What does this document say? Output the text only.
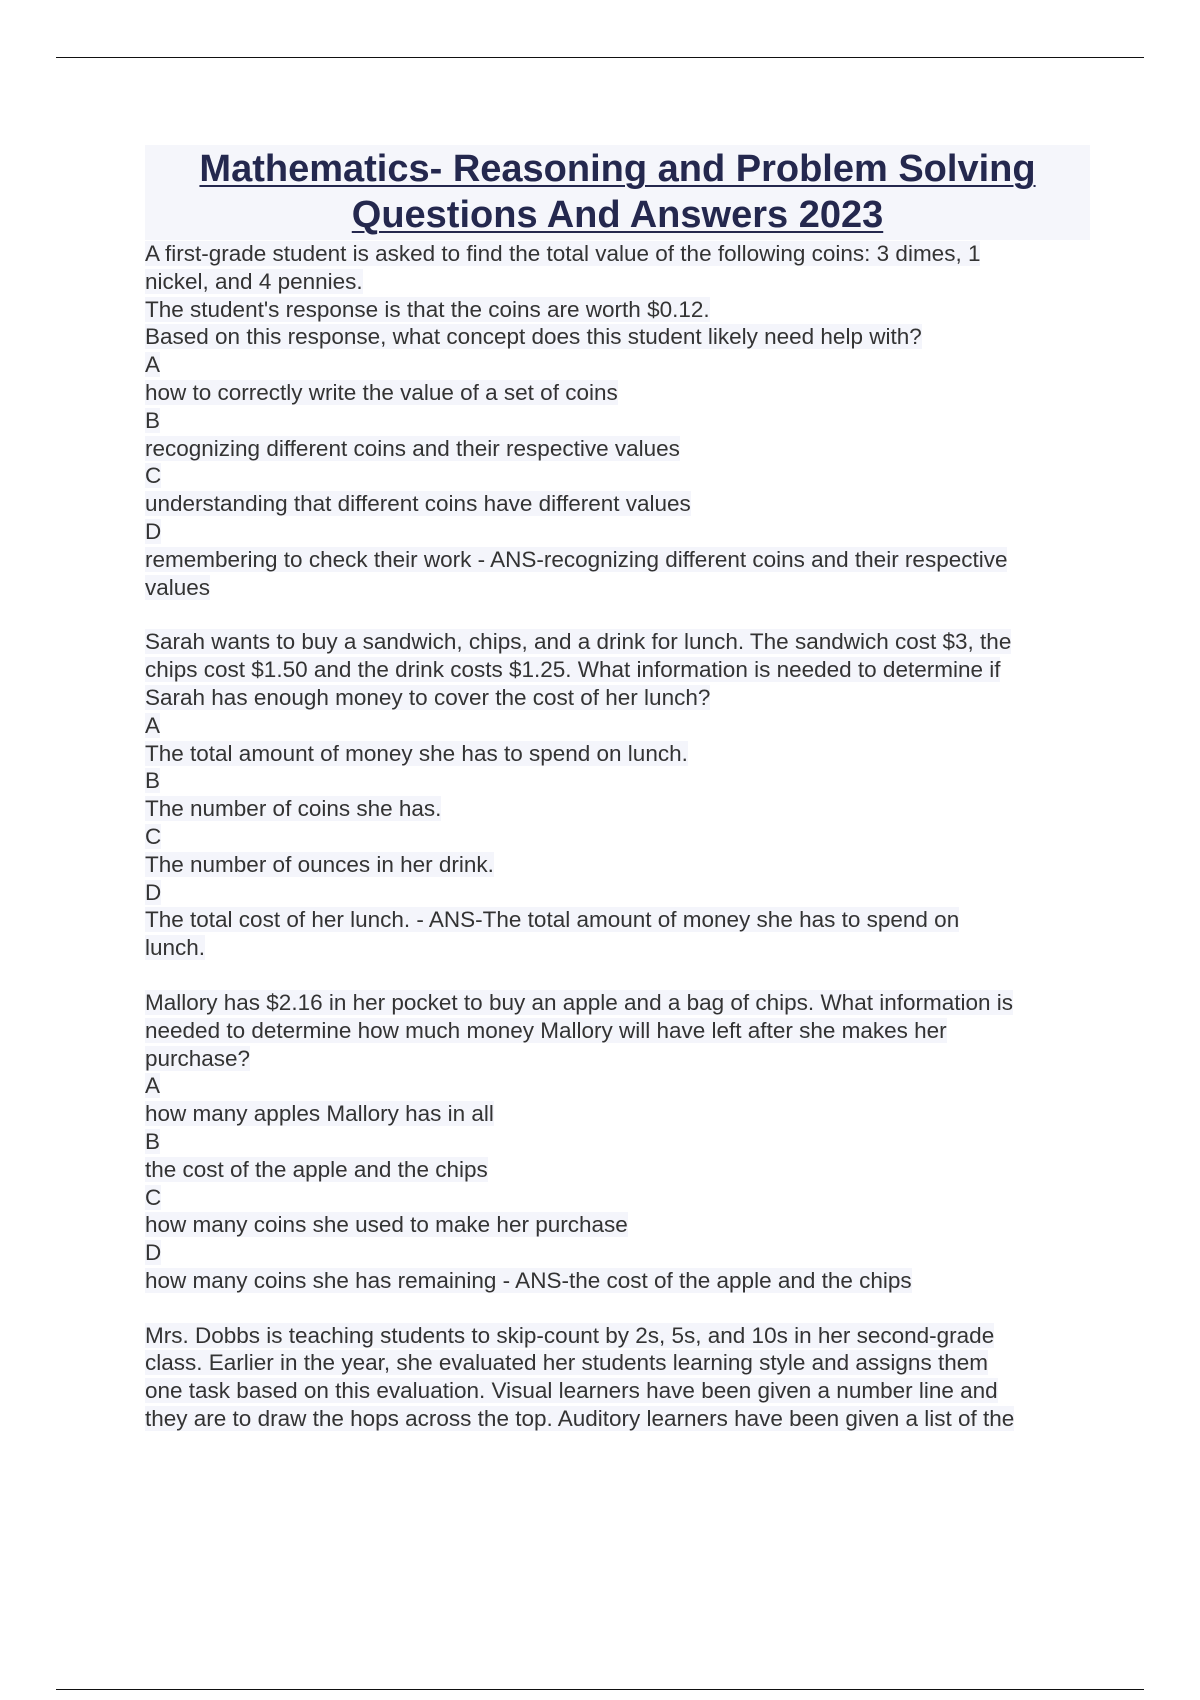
Mathematics- Reasoning and Problem Solving
Questions And Answers 2023
A first-grade student is asked to find the total value of the following coins: 3 dimes, 1
nickel, and 4 pennies.
The student's response is that the coins are worth $0.12.
Based on this response, what concept does this student likely need help with?
A
how to correctly write the value of a set of coins
B
recognizing different coins and their respective values
C
understanding that different coins have different values
D
remembering to check their work - ANS-recognizing different coins and their respective
values
Sarah wants to buy a sandwich, chips, and a drink for lunch. The sandwich cost $3, the
chips cost $1.50 and the drink costs $1.25. What information is needed to determine if
Sarah has enough money to cover the cost of her lunch?
A
The total amount of money she has to spend on lunch.
B
The number of coins she has.
C
The number of ounces in her drink.
D
The total cost of her lunch. - ANS-The total amount of money she has to spend on
lunch.
Mallory has $2.16 in her pocket to buy an apple and a bag of chips. What information is
needed to determine how much money Mallory will have left after she makes her
purchase?
A
how many apples Mallory has in all
B
the cost of the apple and the chips
C
how many coins she used to make her purchase
D
how many coins she has remaining - ANS-the cost of the apple and the chips
Mrs. Dobbs is teaching students to skip-count by 2s, 5s, and 10s in her second-grade
class. Earlier in the year, she evaluated her students learning style and assigns them
one task based on this evaluation. Visual learners have been given a number line and
they are to draw the hops across the top. Auditory learners have been given a list of the
